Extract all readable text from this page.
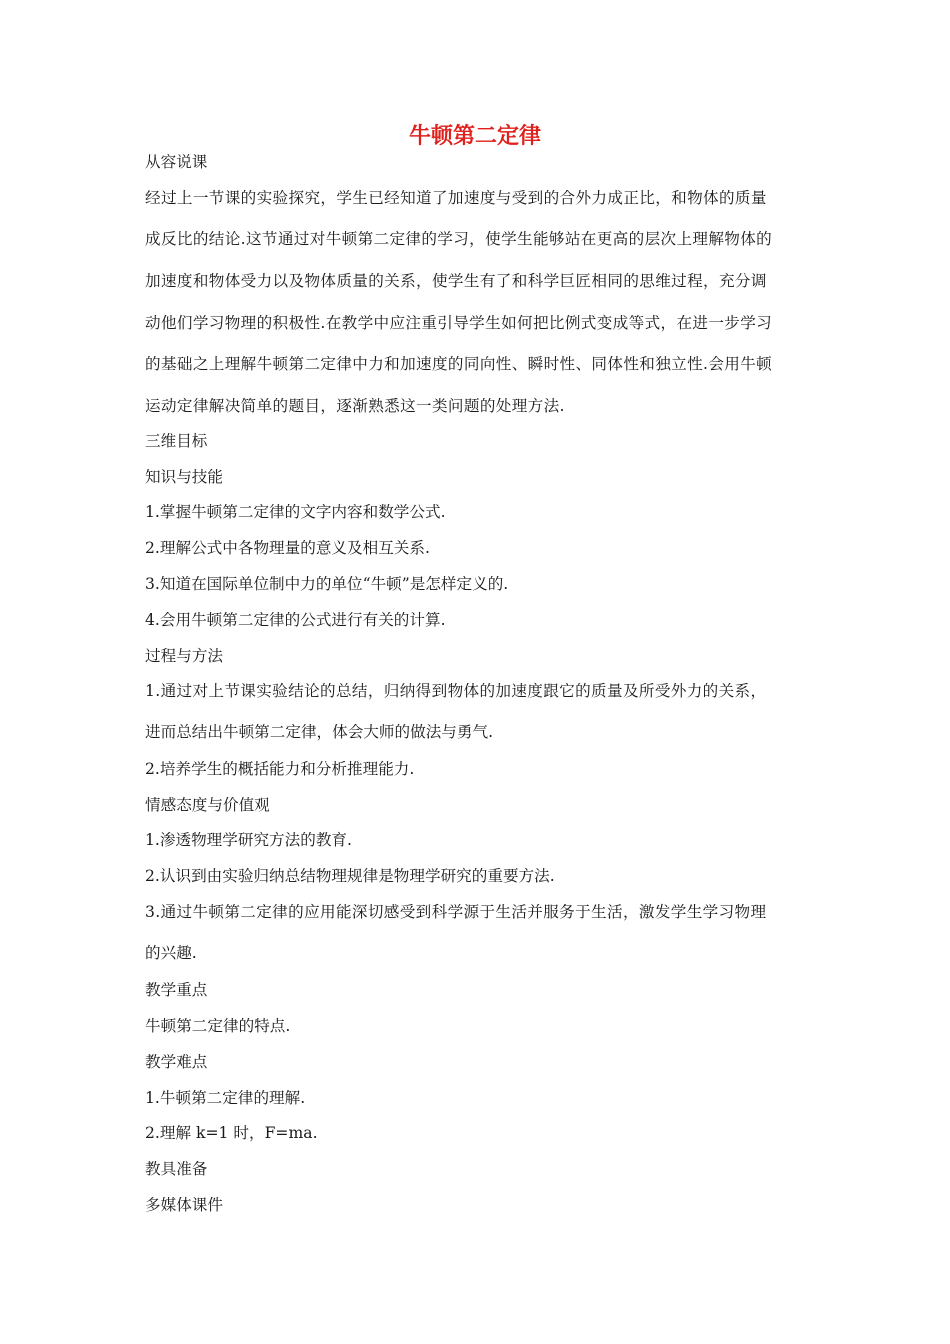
牛顿第二定律
从容说课
经过上一节课的实验探究，学生已经知道了加速度与受到的合外力成正比，和物体的质量
成反比的结论.这节通过对牛顿第二定律的学习，使学生能够站在更高的层次上理解物体的
加速度和物体受力以及物体质量的关系，使学生有了和科学巨匠相同的思维过程，充分调
动他们学习物理的积极性.在教学中应注重引导学生如何把比例式变成等式，在进一步学习
的基础之上理解牛顿第二定律中力和加速度的同向性、瞬时性、同体性和独立性.会用牛顿
运动定律解决简单的题目，逐渐熟悉这一类问题的处理方法.
三维目标
知识与技能
1.掌握牛顿第二定律的文字内容和数学公式.
2.理解公式中各物理量的意义及相互关系.
3.知道在国际单位制中力的单位“牛顿”是怎样定义的.
4.会用牛顿第二定律的公式进行有关的计算.
过程与方法
1.通过对上节课实验结论的总结，归纳得到物体的加速度跟它的质量及所受外力的关系，
进而总结出牛顿第二定律，体会大师的做法与勇气.
2.培养学生的概括能力和分析推理能力.
情感态度与价值观
1.渗透物理学研究方法的教育.
2.认识到由实验归纳总结物理规律是物理学研究的重要方法.
3.通过牛顿第二定律的应用能深切感受到科学源于生活并服务于生活，激发学生学习物理
的兴趣.
教学重点
牛顿第二定律的特点.
教学难点
1.牛顿第二定律的理解.
2.理解 k=1 时，F=ma.
教具准备
多媒体课件
